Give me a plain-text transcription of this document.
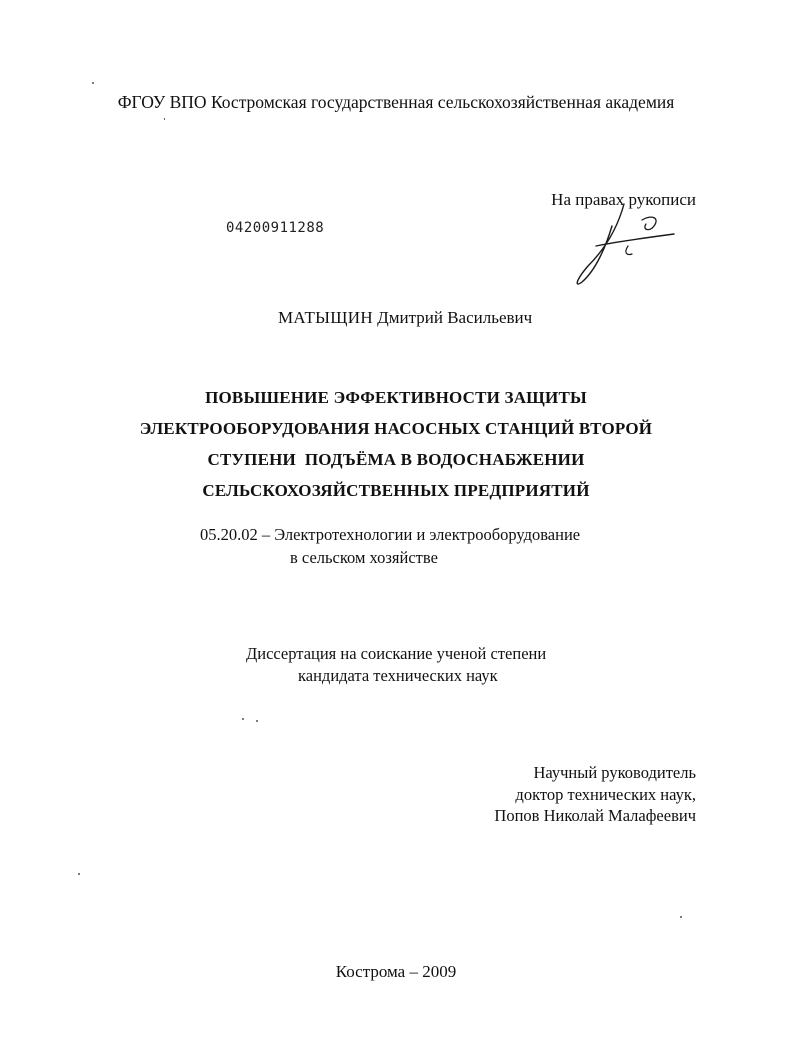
ФГОУ ВПО Костромская государственная сельскохозяйственная академия
На правах рукописи
04200911288
МАТЫЩИН Дмитрий Васильевич
ПОВЫШЕНИЕ ЭФФЕКТИВНОСТИ ЗАЩИТЫ
ЭЛЕКТРООБОРУДОВАНИЯ НАСОСНЫХ СТАНЦИЙ ВТОРОЙ
СТУПЕНИ  ПОДЪЁМА В ВОДОСНАБЖЕНИИ
СЕЛЬСКОХОЗЯЙСТВЕННЫХ ПРЕДПРИЯТИЙ
05.20.02 – Электротехнологии и электрооборудование
в сельском хозяйстве
Диссертация на соискание ученой степени
кандидата технических наук
Научный руководитель
доктор технических наук,
Попов Николай Малафеевич
Кострома – 2009
